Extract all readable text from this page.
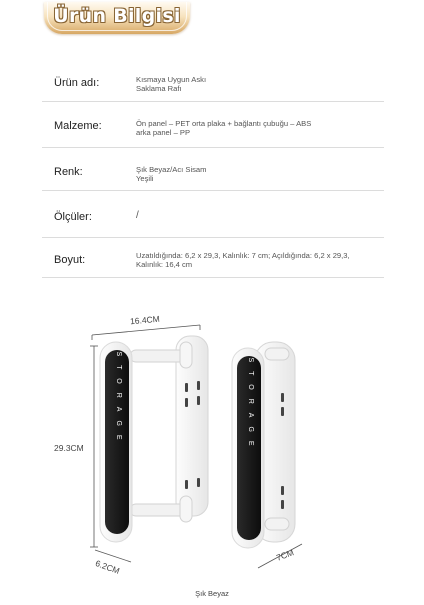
Ürün Bilgisi
Ürün adı:	Kısmaya Uygun Askı
Saklama Rafı
Malzeme:	Ön panel – PET orta plaka + bağlantı çubuğu – ABS
arka panel – PP
Renk:	Şık Beyaz/Acı Sisam
Yeşili
Ölçüler:	/
Boyut:	Uzatıldığında: 6,2 x 29,3, Kalınlık: 7 cm; Açıldığında: 6,2 x 29,3,
Kalınlık: 16,4 cm
STORAGE	STORAGE
16.4CM
29.3CM
6.2CM
7CM
Şık Beyaz
